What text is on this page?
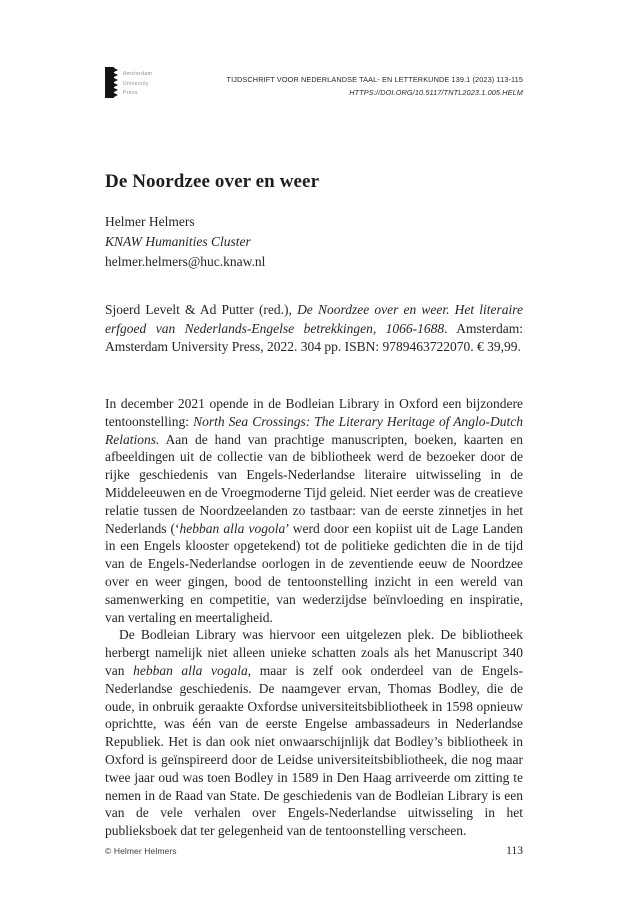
Amsterdam
University
Press
TIJDSCHRIFT VOOR NEDERLANDSE TAAL- EN LETTERKUNDE 139.1 (2023) 113-115
HTTPS://DOI.ORG/10.5117/TNTL2023.1.005.HELM
De Noordzee over en weer
Helmer Helmers
KNAW Humanities Cluster
helmer.helmers@huc.knaw.nl

Sjoerd Levelt & Ad Putter (red.), De Noordzee over en weer. Het literaire erfgoed van Nederlands-Engelse betrekkingen, 1066-1688. Amsterdam: Amsterdam University Press, 2022. 304 pp. ISBN: 9789463722070. € 39,99.

In december 2021 opende in de Bodleian Library in Oxford een bijzondere tentoonstelling: North Sea Crossings: The Literary Heritage of Anglo-Dutch Relations. Aan de hand van prachtige manuscripten, boeken, kaarten en afbeeldingen uit de collectie van de bibliotheek werd de bezoeker door de rijke geschiedenis van Engels-Nederlandse literaire uitwisseling in de Middeleeuwen en de Vroegmoderne Tijd geleid. Niet eerder was de creatieve relatie tussen de Noordzeelanden zo tastbaar: van de eerste zinnetjes in het Nederlands (‘hebban alla vogola’ werd door een kopiist uit de Lage Landen in een Engels klooster opgetekend) tot de politieke gedichten die in de tijd van de Engels-Nederlandse oorlogen in de zeventiende eeuw de Noordzee over en weer gingen, bood de tentoonstelling inzicht in een wereld van samenwerking en competitie, van wederzijdse beïnvloeding en inspiratie, van vertaling en meertaligheid.

De Bodleian Library was hiervoor een uitgelezen plek. De bibliotheek herbergt namelijk niet alleen unieke schatten zoals als het Manuscript 340 van hebban alla vogala, maar is zelf ook onderdeel van de Engels-Nederlandse geschiedenis. De naamgever ervan, Thomas Bodley, die de oude, in onbruik geraakte Oxfordse universiteitsbibliotheek in 1598 opnieuw oprichtte, was één van de eerste Engelse ambassadeurs in Nederlandse Republiek. Het is dan ook niet onwaarschijnlijk dat Bodley’s bibliotheek in Oxford is geïnspireerd door de Leidse universiteitsbibliotheek, die nog maar twee jaar oud was toen Bodley in 1589 in Den Haag arriveerde om zitting te nemen in de Raad van State. De geschiedenis van de Bodleian Library is een van de vele verhalen over Engels-Nederlandse uitwisseling in het publieksboek dat ter gelegenheid van de tentoonstelling verscheen.

© Helmer Helmers	113
